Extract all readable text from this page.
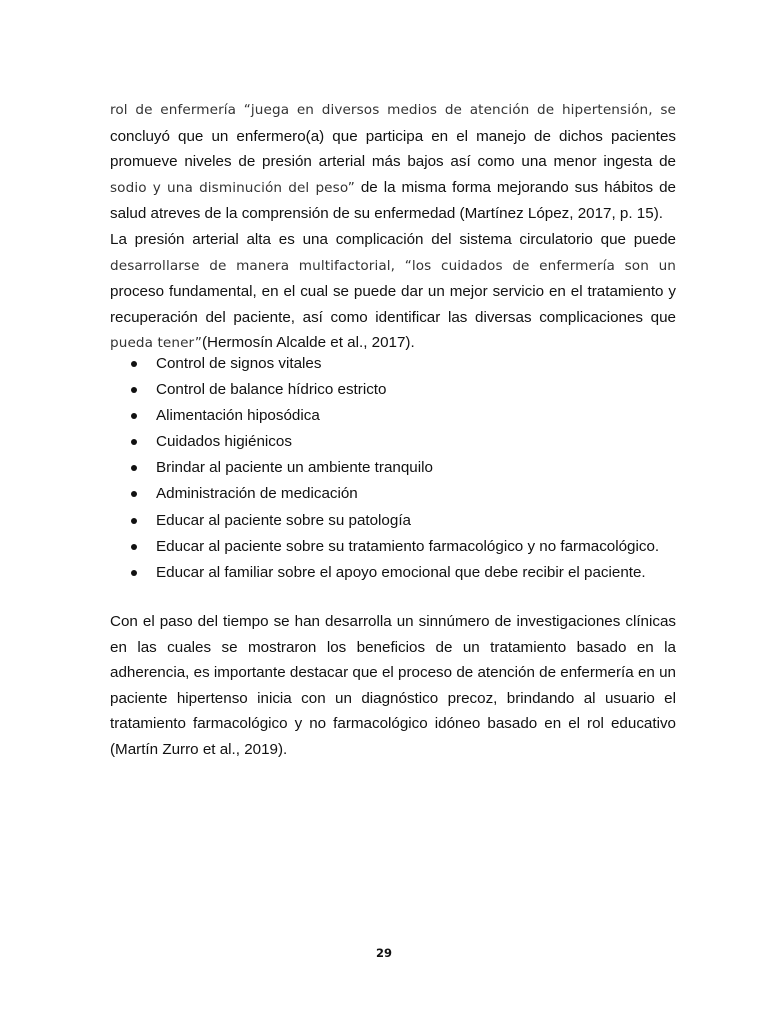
rol de enfermería “juega en diversos medios de atención de hipertensión, se concluyó que un enfermero(a) que participa en el manejo de dichos pacientes promueve niveles de presión arterial más bajos así como una menor ingesta de sodio y una disminución del peso” de la misma forma mejorando sus hábitos de salud atreves de la comprensión de su enfermedad (Martínez López, 2017, p. 15).
La presión arterial alta es una complicación del sistema circulatorio que puede desarrollarse de manera multifactorial, “los cuidados de enfermería son un proceso fundamental, en el cual se puede dar un mejor servicio en el tratamiento y recuperación del paciente, así como identificar las diversas complicaciones que pueda tener”(Hermosín Alcalde et al., 2017).

Control de signos vitales
Control de balance hídrico estricto
Alimentación hiposódica
Cuidados higiénicos
Brindar al paciente un ambiente tranquilo
Administración de medicación
Educar al paciente sobre su patología
Educar al paciente sobre su tratamiento farmacológico y no farmacológico.
Educar al familiar sobre el apoyo emocional que debe recibir el paciente.

Con el paso del tiempo se han desarrolla un sinnúmero de investigaciones clínicas en las cuales se mostraron los beneficios de un tratamiento basado en la adherencia, es importante destacar que el proceso de atención de enfermería en un paciente hipertenso inicia con un diagnóstico precoz, brindando al usuario el tratamiento farmacológico y no farmacológico idóneo basado en el rol educativo (Martín Zurro et al., 2019).

29
